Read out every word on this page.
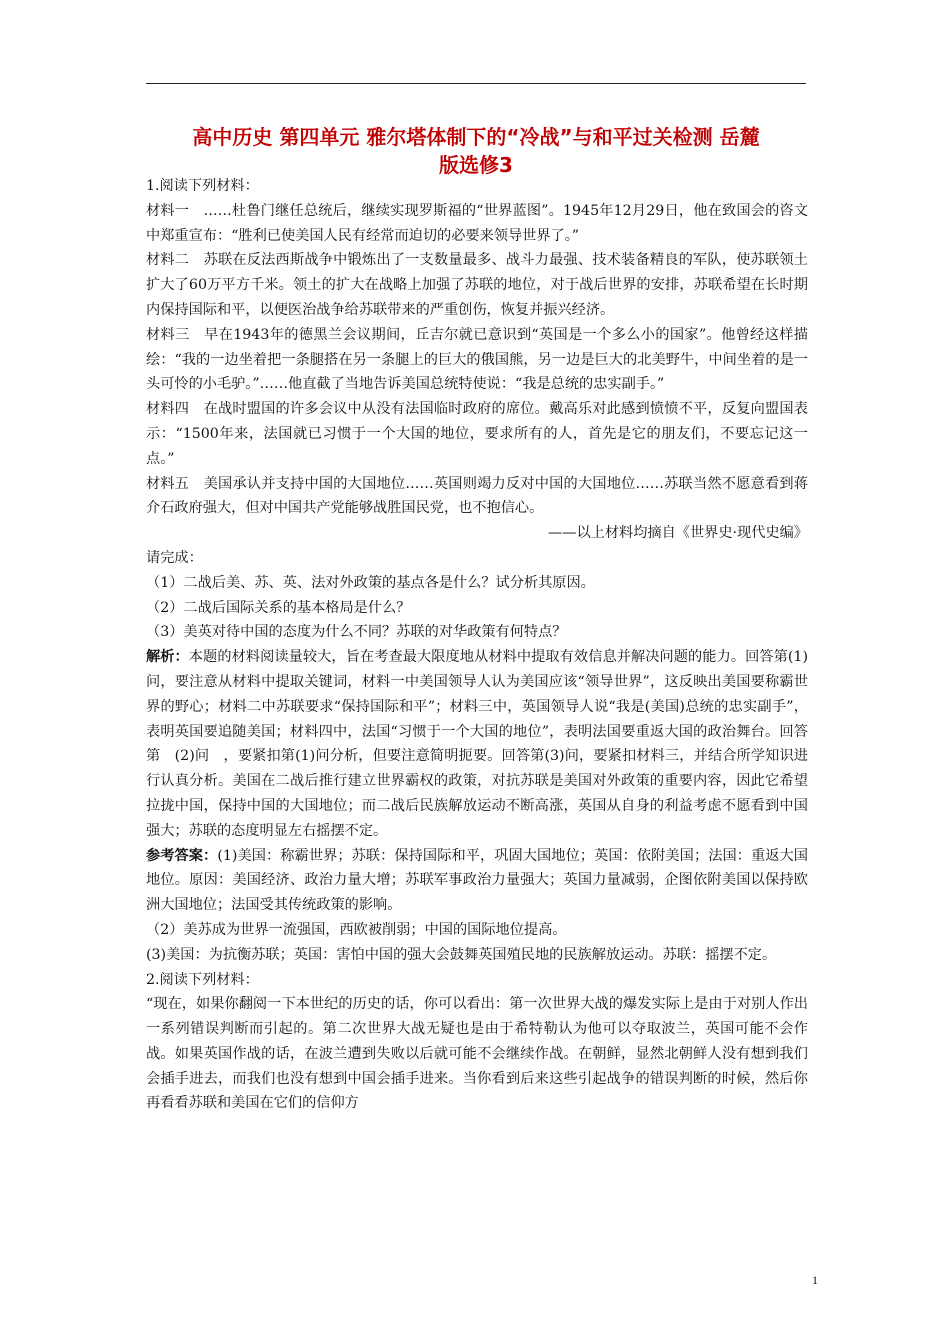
高中历史 第四单元 雅尔塔体制下的“冷战”与和平过关检测 岳麓
版选修3

1.阅读下列材料：

材料一　……杜鲁门继任总统后，继续实现罗斯福的“世界蓝图”。1945年12月29日，他在致国会的咨文中郑重宣布：“胜利已使美国人民有经常而迫切的必要来领导世界了。”

材料二　苏联在反法西斯战争中锻炼出了一支数量最多、战斗力最强、技术装备精良的军队，使苏联领土扩大了60万平方千米。领土的扩大在战略上加强了苏联的地位，对于战后世界的安排，苏联希望在长时期内保持国际和平，以便医治战争给苏联带来的严重创伤，恢复并振兴经济。

材料三　早在1943年的德黑兰会议期间，丘吉尔就已意识到“英国是一个多么小的国家”。他曾经这样描绘：“我的一边坐着把一条腿搭在另一条腿上的巨大的俄国熊，另一边是巨大的北美野牛，中间坐着的是一头可怜的小毛驴。”……他直截了当地告诉美国总统特使说：“我是总统的忠实副手。”

材料四　在战时盟国的许多会议中从没有法国临时政府的席位。戴高乐对此感到愤愤不平，反复向盟国表示：“1500年来，法国就已习惯于一个大国的地位，要求所有的人，首先是它的朋友们，不要忘记这一点。”

材料五　美国承认并支持中国的大国地位……英国则竭力反对中国的大国地位……苏联当然不愿意看到蒋介石政府强大，但对中国共产党能够战胜国民党，也不抱信心。

——以上材料均摘自《世界史·现代史编》

请完成：

（1）二战后美、苏、英、法对外政策的基点各是什么？试分析其原因。

（2）二战后国际关系的基本格局是什么？

（3）美英对待中国的态度为什么不同？苏联的对华政策有何特点？

解析：本题的材料阅读量较大，旨在考查最大限度地从材料中提取有效信息并解决问题的能力。回答第(1)问，要注意从材料中提取关键词，材料一中美国领导人认为美国应该“领导世界”，这反映出美国要称霸世界的野心；材料二中苏联要求“保持国际和平”；材料三中，英国领导人说“我是(美国)总统的忠实副手”，表明英国要追随美国；材料四中，法国“习惯于一个大国的地位”，表明法国要重返大国的政治舞台。回答第　(2)问　，要紧扣第(1)问分析，但要注意简明扼要。回答第(3)问，要紧扣材料三，并结合所学知识进行认真分析。美国在二战后推行建立世界霸权的政策，对抗苏联是美国对外政策的重要内容，因此它希望拉拢中国，保持中国的大国地位；而二战后民族解放运动不断高涨，英国从自身的利益考虑不愿看到中国强大；苏联的态度明显左右摇摆不定。

参考答案：(1)美国：称霸世界；苏联：保持国际和平，巩固大国地位；英国：依附美国；法国：重返大国地位。原因：美国经济、政治力量大增；苏联军事政治力量强大；英国力量减弱，企图依附美国以保持欧洲大国地位；法国受其传统政策的影响。

（2）美苏成为世界一流强国，西欧被削弱；中国的国际地位提高。

(3)美国：为抗衡苏联；英国：害怕中国的强大会鼓舞英国殖民地的民族解放运动。苏联：摇摆不定。

2.阅读下列材料：

“现在，如果你翻阅一下本世纪的历史的话，你可以看出：第一次世界大战的爆发实际上是由于对别人作出一系列错误判断而引起的。第二次世界大战无疑也是由于希特勒认为他可以夺取波兰，英国可能不会作战。如果英国作战的话，在波兰遭到失败以后就可能不会继续作战。在朝鲜，显然北朝鲜人没有想到我们会插手进去，而我们也没有想到中国会插手进来。当你看到后来这些引起战争的错误判断的时候，然后你再看看苏联和美国在它们的信仰方

1
